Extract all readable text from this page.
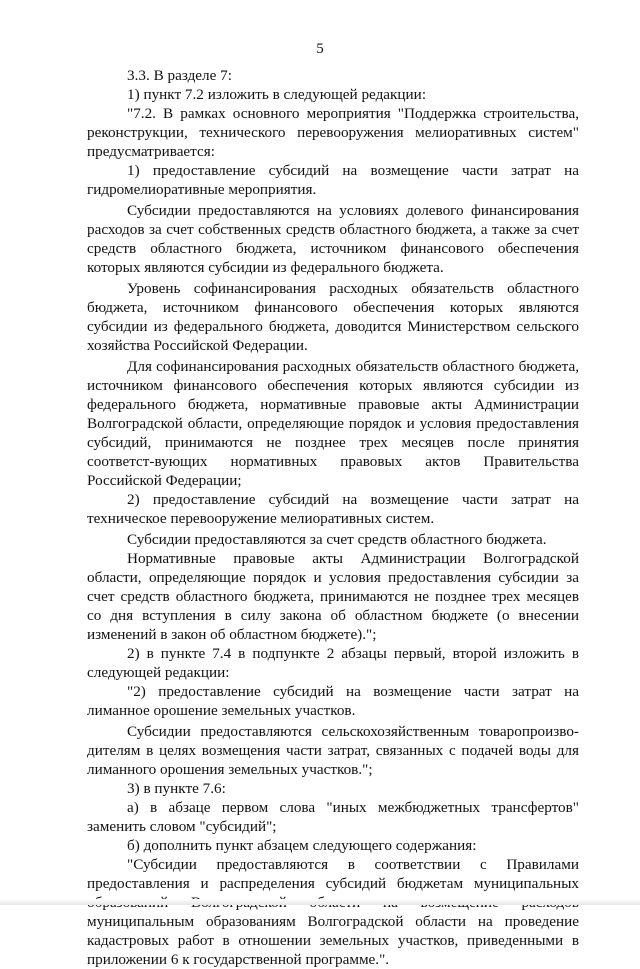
5

3.3. В разделе 7:

1) пункт 7.2 изложить в следующей редакции:

"7.2. В рамках основного мероприятия "Поддержка строительства, реконструкции, технического перевооружения мелиоративных систем" предусматривается:

1) предоставление субсидий на возмещение части затрат на гидромелиоративные мероприятия.

Субсидии предоставляются на условиях долевого финансирования расходов за счет собственных средств областного бюджета, а также за счет средств областного бюджета, источником финансового обеспечения которых являются субсидии из федерального бюджета.

Уровень софинансирования расходных обязательств областного бюджета, источником финансового обеспечения которых являются субсидии из федерального бюджета, доводится Министерством сельского хозяйства Российской Федерации.

Для софинансирования расходных обязательств областного бюджета, источником финансового обеспечения которых являются субсидии из федерального бюджета, нормативные правовые акты Администрации Волгоградской области, определяющие порядок и условия предоставления субсидий, принимаются не позднее трех месяцев после принятия соответст-вующих нормативных правовых актов Правительства Российской Федерации;

2) предоставление субсидий на возмещение части затрат на техническое перевооружение мелиоративных систем.

Субсидии предоставляются за счет средств областного бюджета.

Нормативные правовые акты Администрации Волгоградской области, определяющие порядок и условия предоставления субсидии за счет средств областного бюджета, принимаются не позднее трех месяцев со дня вступления в силу закона об областном бюджете (о внесении изменений в закон об областном бюджете).";

2) в пункте 7.4 в подпункте 2 абзацы первый, второй изложить в следующей редакции:

"2) предоставление субсидий на возмещение части затрат на лиманное орошение земельных участков.

Субсидии предоставляются сельскохозяйственным товаропроизво-дителям в целях возмещения части затрат, связанных с подачей воды для лиманного орошения земельных участков.";

3) в пункте 7.6:

а) в абзаце первом слова "иных межбюджетных трансфертов" заменить словом "субсидий";

б) дополнить пункт абзацем следующего содержания:

"Субсидии предоставляются в соответствии с Правилами предоставления и распределения субсидий бюджетам муниципальных муниципальным образованиям Волгоградской области на проведение кадастровых работ в отношении земельных участков, приведенными в приложении 6 к государственной программе.".
